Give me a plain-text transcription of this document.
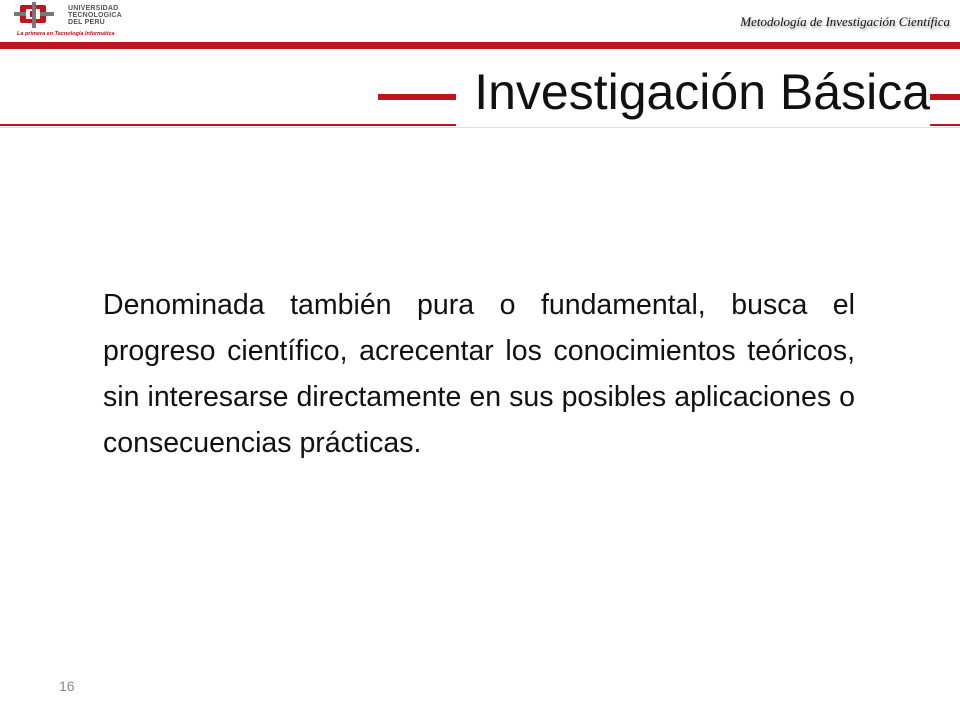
UNIVERSIDAD
TECNOLOGICA
DEL PERU
La primera en Tecnología Informática
Metodología de Investigación Científica
Investigación Básica
Denominada también pura o fundamental, busca el progreso científico, acrecentar los conocimientos teóricos, sin interesarse directamente en sus posibles aplicaciones o consecuencias prácticas.
16
